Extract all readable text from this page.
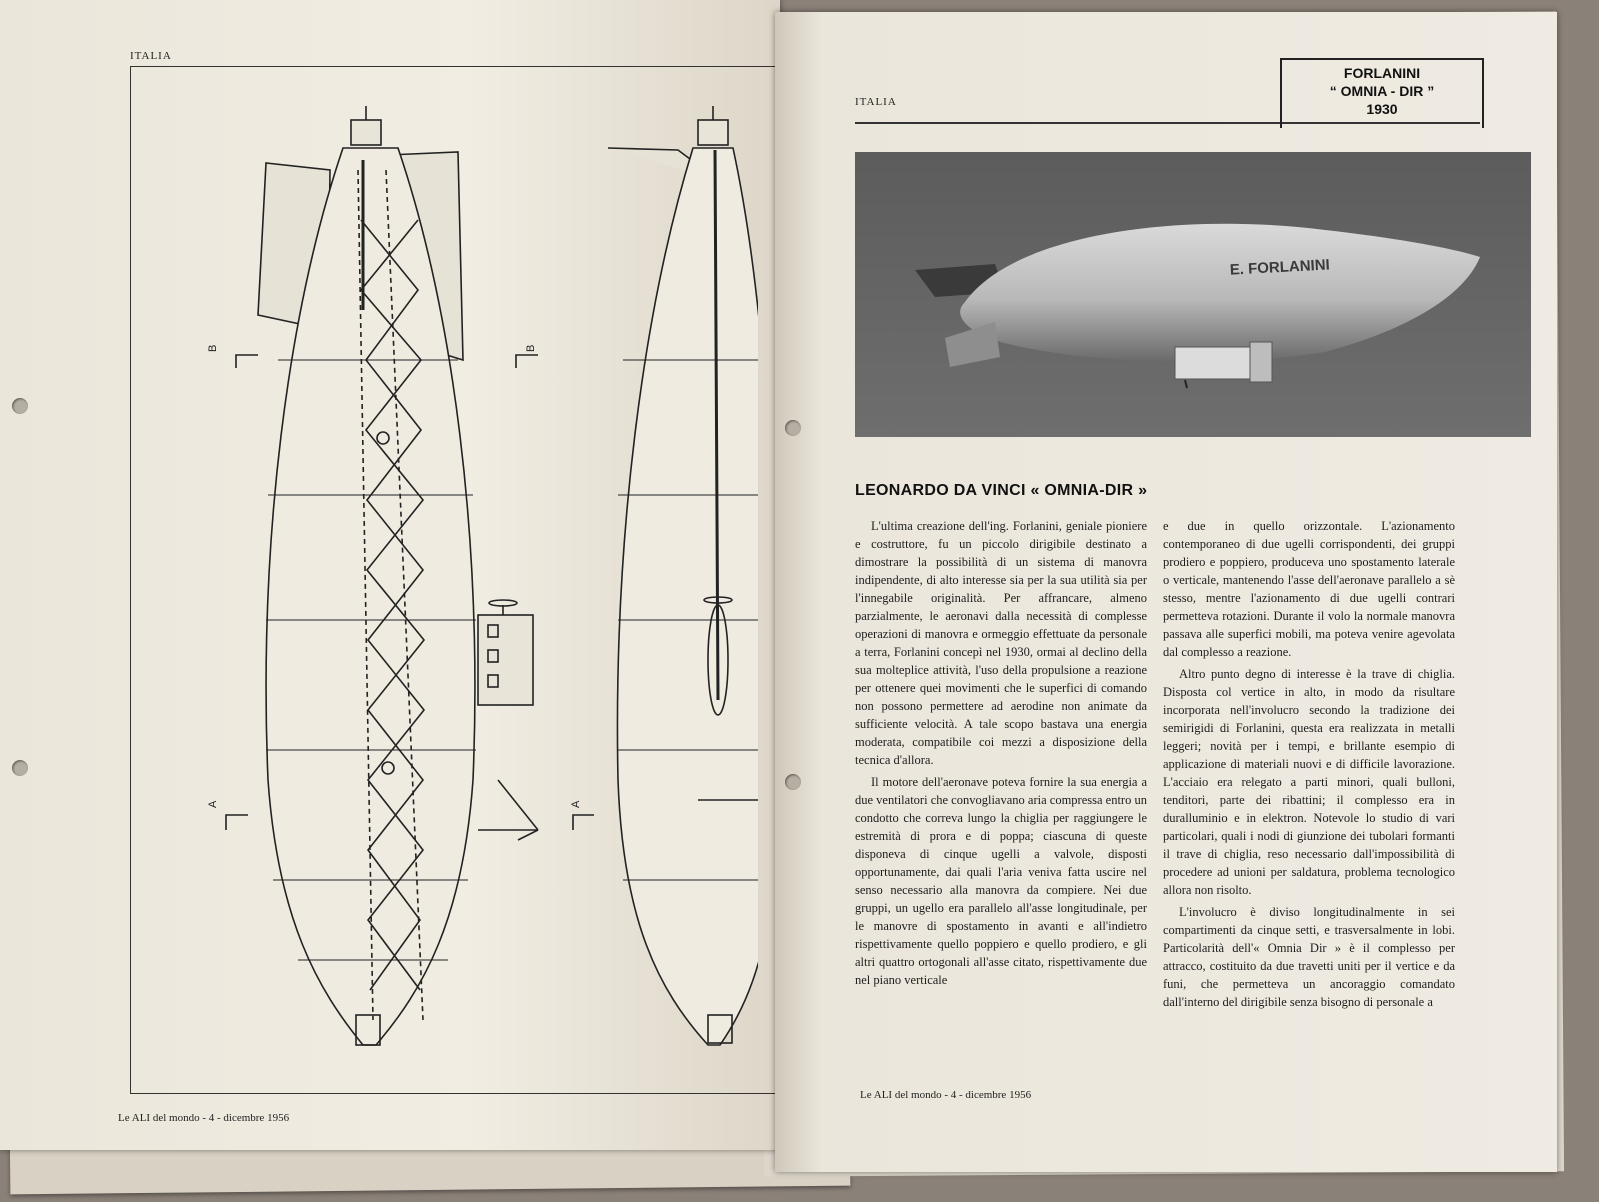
ITALIA
B	B
A	A
Le ALI del mondo - 4 - dicembre 1956
ITALIA
FORLANINI
“ OMNIA - DIR ”
1930
E. FORLANINI
LEONARDO DA VINCI « OMNIA-DIR »

L'ultima creazione dell'ing. Forlanini, geniale pioniere e costruttore, fu un piccolo dirigibile destinato a dimostrare la possibilità di un sistema di manovra indipendente, di alto interesse sia per la sua utilità sia per l'innegabile originalità. Per affrancare, almeno parzialmente, le aeronavi dalla necessità di complesse operazioni di manovra e ormeggio effettuate da personale a terra, Forlanini concepì nel 1930, ormai al declino della sua molteplice attività, l'uso della propulsione a reazione per ottenere quei movimenti che le superfici di comando non possono permettere ad aerodine non animate da sufficiente velocità. A tale scopo bastava una energia moderata, compatibile coi mezzi a disposizione della tecnica d'allora.

Il motore dell'aeronave poteva fornire la sua energia a due ventilatori che convogliavano aria compressa entro un condotto che correva lungo la chiglia per raggiungere le estremità di prora e di poppa; ciascuna di queste disponeva di cinque ugelli a valvole, disposti opportunamente, dai quali l'aria veniva fatta uscire nel senso necessario alla manovra da compiere. Nei due gruppi, un ugello era parallelo all'asse longitudinale, per le manovre di spostamento in avanti e all'indietro rispettivamente quello poppiero e quello prodiero, e gli altri quattro ortogonali all'asse citato, rispettivamente due nel piano verticale

e due in quello orizzontale. L'azionamento contemporaneo di due ugelli corrispondenti, dei gruppi prodiero e poppiero, produceva uno spostamento laterale o verticale, mantenendo l'asse dell'aeronave parallelo a sè stesso, mentre l'azionamento di due ugelli contrari permetteva rotazioni. Durante il volo la normale manovra passava alle superfici mobili, ma poteva venire agevolata dal complesso a reazione.

Altro punto degno di interesse è la trave di chiglia. Disposta col vertice in alto, in modo da risultare incorporata nell'involucro secondo la tradizione dei semirigidi di Forlanini, questa era realizzata in metalli leggeri; novità per i tempi, e brillante esempio di applicazione di materiali nuovi e di difficile lavorazione. L'acciaio era relegato a parti minori, quali bulloni, tenditori, parte dei ribattini; il complesso era in duralluminio e in elektron. Notevole lo studio di vari particolari, quali i nodi di giunzione dei tubolari formanti il trave di chiglia, reso necessario dall'impossibilità di procedere ad unioni per saldatura, problema tecnologico allora non risolto.

L'involucro è diviso longitudinalmente in sei compartimenti da cinque setti, e trasversalmente in lobi. Particolarità dell'« Omnia Dir » è il complesso per attracco, costituito da due travetti uniti per il vertice e da funi, che permetteva un ancoraggio comandato dall'interno del dirigibile senza bisogno di personale a

Le ALI del mondo - 4 - dicembre 1956
